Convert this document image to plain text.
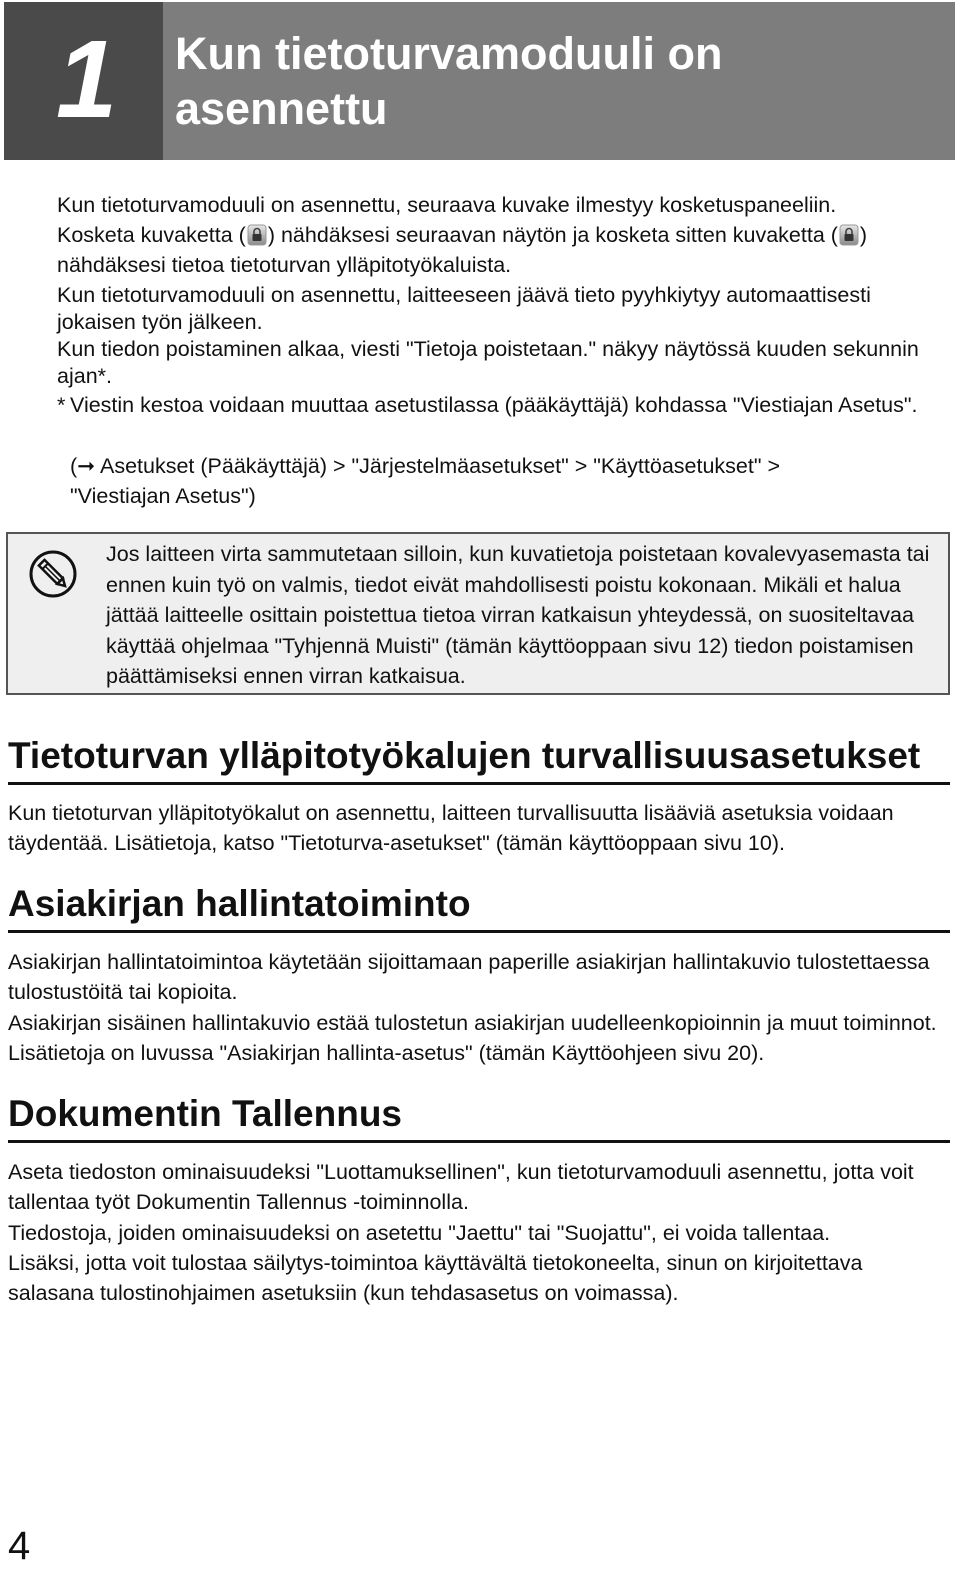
1 Kun tietoturvamoduuli on
asennettu

Kun tietoturvamoduuli on asennettu, seuraava kuvake ilmestyy kosketuspaneeliin.
Kosketa kuvaketta ( ) nähdäksesi seuraavan näytön ja kosketa sitten kuvaketta ( )
nähdäksesi tietoa tietoturvan ylläpitotyökaluista.

Kun tietoturvamoduuli on asennettu, laitteeseen jäävä tieto pyyhkiytyy automaattisesti jokaisen työn jälkeen.

Kun tiedon poistaminen alkaa, viesti "Tietoja poistetaan." näkyy näytössä kuuden sekunnin ajan*.

* Viestin kestoa voidaan muuttaa asetustilassa (pääkäyttäjä) kohdassa "Viestiajan Asetus".

(➞ Asetukset (Pääkäyttäjä) > "Järjestelmäasetukset" > "Käyttöasetukset" >
"Viestiajan Asetus")

Jos laitteen virta sammutetaan silloin, kun kuvatietoja poistetaan kovalevyasemasta tai ennen kuin työ on valmis, tiedot eivät mahdollisesti poistu kokonaan. Mikäli et halua jättää laitteelle osittain poistettua tietoa virran katkaisun yhteydessä, on suositeltavaa käyttää ohjelmaa "Tyhjennä Muisti" (tämän käyttöoppaan sivu 12) tiedon poistamisen päättämiseksi ennen virran katkaisua.

Tietoturvan ylläpitotyökalujen turvallisuusasetukset

Kun tietoturvan ylläpitotyökalut on asennettu, laitteen turvallisuutta lisääviä asetuksia voidaan täydentää. Lisätietoja, katso "Tietoturva-asetukset" (tämän käyttöoppaan sivu 10).

Asiakirjan hallintatoiminto

Asiakirjan hallintatoimintoa käytetään sijoittamaan paperille asiakirjan hallintakuvio tulostettaessa tulostustöitä tai kopioita.

Asiakirjan sisäinen hallintakuvio estää tulostetun asiakirjan uudelleenkopioinnin ja muut toiminnot. Lisätietoja on luvussa "Asiakirjan hallinta-asetus" (tämän Käyttöohjeen sivu 20).

Dokumentin Tallennus

Aseta tiedoston ominaisuudeksi "Luottamuksellinen", kun tietoturvamoduuli asennettu, jotta voit tallentaa työt Dokumentin Tallennus -toiminnolla.

Tiedostoja, joiden ominaisuudeksi on asetettu "Jaettu" tai "Suojattu", ei voida tallentaa.

Lisäksi, jotta voit tulostaa säilytys-toimintoa käyttävältä tietokoneelta, sinun on kirjoitettava salasana tulostinohjaimen asetuksiin (kun tehdasasetus on voimassa).

4
